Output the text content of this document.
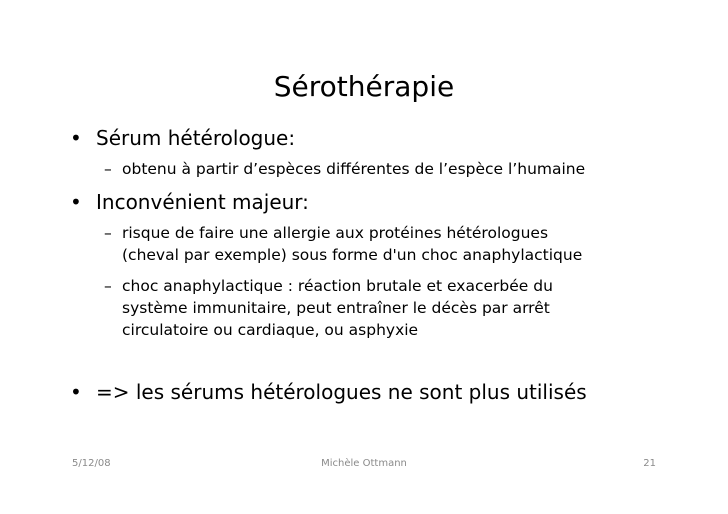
Sérothérapie
• Sérum hétérologue:
– obtenu à partir d’espèces différentes de l’espèce l’humaine
• Inconvénient majeur:
– risque de faire une allergie aux protéines hétérologues
(cheval par exemple) sous forme d'un choc anaphylactique
– choc anaphylactique : réaction brutale et exacerbée du
système immunitaire, peut entraîner le décès par arrêt
circulatoire ou cardiaque, ou asphyxie
• => les sérums hétérologues ne sont plus utilisés
5/12/08	Michèle Ottmann	21
